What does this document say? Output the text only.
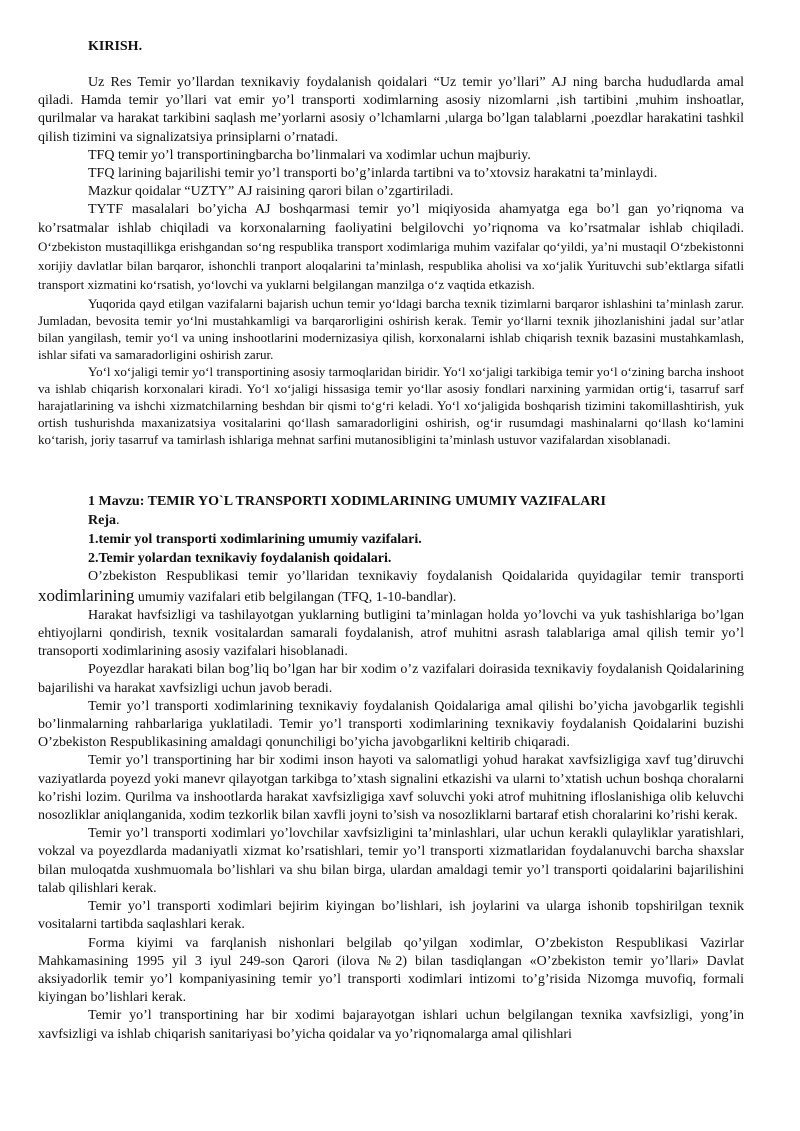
KIRISH.

Uz Res Temir yo’llardan texnikaviy foydalanish qoidalari “Uz temir yo’llari” AJ ning barcha hududlarda amal qiladi. Hamda temir yo’llari vat emir yo’l transporti xodimlarning asosiy nizomlarni ,ish tartibini ,muhim inshoatlar, qurilmalar va harakat tarkibini saqlash me’yorlarni asosiy o’lchamlarni ,ularga bo’lgan talablarni ,poezdlar harakatini tashkil qilish tizimini va signalizatsiya prinsiplarni o’rnatadi.

TFQ temir yo’l transportiningbarcha bo’linmalari va xodimlar uchun majburiy.

TFQ larining bajarilishi temir yo’l transporti bo’g’inlarda tartibni va to’xtovsiz harakatni ta’minlaydi.

Mazkur qoidalar “UZTY” AJ raisining qarori bilan o’zgartiriladi.

TYTF masalalari bo’yicha AJ boshqarmasi temir yo’l miqiyosida ahamyatga ega bo’l gan yo’riqnoma va ko’rsatmalar ishlab chiqiladi va korxonalarning faoliyatini belgilovchi yo’riqnoma va ko’rsatmalar ishlab chiqiladi. O‘zbekiston mustaqillikga erishgandan so‘ng respublika transport xodimlariga muhim vazifalar qo‘yildi, ya’ni mustaqil O‘zbekistonni xorijiy davlatlar bilan barqaror, ishonchli tranport aloqalarini ta’minlash, respublika aholisi va xo‘jalik Yurituvchi sub’ektlarga sifatli transport xizmatini ko‘rsatish, yo‘lovchi va yuklarni belgilangan manzilga o‘z vaqtida etkazish.

Yuqorida qayd etilgan vazifalarni bajarish uchun temir yo‘ldagi barcha texnik tizimlarni barqaror ishlashini ta’minlash zarur. Jumladan, bevosita temir yo‘lni mustahkamligi va barqarorligini oshirish kerak. Temir yo‘llarni texnik jihozlanishini jadal sur’atlar bilan yangilash, temir yo‘l va uning inshootlarini modernizasiya qilish, korxonalarni ishlab chiqarish texnik bazasini mustahkamlash, ishlar sifati va samaradorligini oshirish zarur.

Yo‘l xo‘jaligi temir yo‘l transportining asosiy tarmoqlaridan biridir. Yo‘l xo‘jaligi tarkibiga temir yo‘l o‘zining barcha inshoot va ishlab chiqarish korxonalari kiradi. Yo‘l xo‘jaligi hissasiga temir yo‘llar asosiy fondlari narxining yarmidan ortig‘i, tasarruf sarf harajatlarining va ishchi xizmatchilarning beshdan bir qismi to‘g‘ri keladi. Yo‘l xo‘jaligida boshqarish tizimini takomillashtirish, yuk ortish tushurishda maxanizatsiya vositalarini qo‘llash samaradorligini oshirish, og‘ir rusumdagi mashinalarni qo‘llash ko‘lamini ko‘tarish, joriy tasarruf va tamirlash ishlariga mehnat sarfini mutanosibligini ta’minlash ustuvor vazifalardan xisoblanadi.

1 Mavzu: TEMIR YO`L TRANSPORTI XODIMLARINING UMUMIY VAZIFALARI
Reja.
1.temir yol transporti xodimlarining umumiy vazifalari.
2.Temir yolardan texnikaviy foydalanish qoidalari.

O’zbekiston Respublikasi temir yo’llaridan texnikaviy foydalanish Qoidalarida quyidagilar temir transporti xodimlarining umumiy vazifalari etib belgilangan (TFQ, 1-10-bandlar).

Harakat havfsizligi va tashilayotgan yuklarning butligini ta’minlagan holda yo’lovchi va yuk tashishlariga bo’lgan ehtiyojlarni qondirish, texnik vositalardan samarali foydalanish, atrof muhitni asrash talablariga amal qilish temir yo’l transoporti xodimlarining asosiy vazifalari hisoblanadi.

Poyezdlar harakati bilan bog’liq bo’lgan har bir xodim o’z vazifalari doirasida texnikaviy foydalanish Qoidalarining bajarilishi va harakat xavfsizligi uchun javob beradi.

Temir yo’l transporti xodimlarining texnikaviy foydalanish Qoidalariga amal qilishi bo’yicha javobgarlik tegishli bo’linmalarning rahbarlariga yuklatiladi. Temir yo’l transporti xodimlarining texnikaviy foydalanish Qoidalarini buzishi O’zbekiston Respublikasining amaldagi qonunchiligi bo’yicha javobgarlikni keltirib chiqaradi.

Temir yo’l transportining har bir xodimi inson hayoti va salomatligi yohud harakat xavfsizligiga xavf tug’diruvchi vaziyatlarda poyezd yoki manevr qilayotgan tarkibga to’xtash signalini etkazishi va ularni to’xtatish uchun boshqa choralarni ko’rishi lozim. Qurilma va inshootlarda harakat xavfsizligiga xavf soluvchi yoki atrof muhitning ifloslanishiga olib keluvchi nosozliklar aniqlanganida, xodim tezkorlik bilan xavfli joyni to’sish va nosozliklarni bartaraf etish choralarini ko’rishi kerak.

Temir yo’l transporti xodimlari yo’lovchilar xavfsizligini ta’minlashlari, ular uchun kerakli qulayliklar yaratishlari, vokzal va poyezdlarda madaniyatli xizmat ko’rsatishlari, temir yo’l transporti xizmatlaridan foydalanuvchi barcha shaxslar bilan muloqatda xushmuomala bo’lishlari va shu bilan birga, ulardan amaldagi temir yo’l transporti qoidalarini bajarilishini talab qilishlari kerak.

Temir yo’l transporti xodimlari bejirim kiyingan bo’lishlari, ish joylarini va ularga ishonib topshirilgan texnik vositalarni tartibda saqlashlari kerak.

Forma kiyimi va farqlanish nishonlari belgilab qo’yilgan xodimlar, O’zbekiston Respublikasi Vazirlar Mahkamasining 1995 yil 3 iyul 249-son Qarori (ilova №2) bilan tasdiqlangan «O’zbekiston temir yo’llari» Davlat aksiyadorlik temir yo’l kompaniyasining temir yo’l transporti xodimlari intizomi to’g’risida Nizomga muvofiq, formali kiyingan bo’lishlari kerak.

Temir yo’l transportining har bir xodimi bajarayotgan ishlari uchun belgilangan texnika xavfsizligi, yong’in xavfsizligi va ishlab chiqarish sanitariyasi bo’yicha qoidalar va yo’riqnomalarga amal qilishlari
